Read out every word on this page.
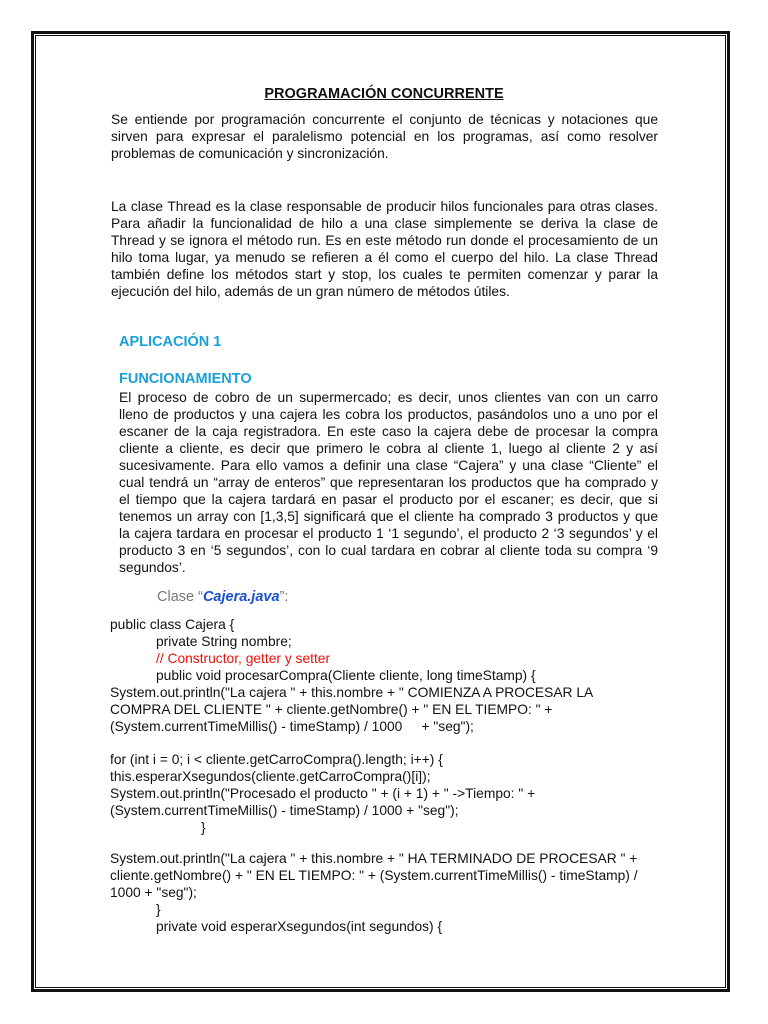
PROGRAMACIÓN CONCURRENTE
Se entiende por programación concurrente el conjunto de técnicas y notaciones que
sirven para expresar el paralelismo potencial en los programas, así como resolver
problemas de comunicación y sincronización.
La clase Thread es la clase responsable de producir hilos funcionales para otras clases.
Para añadir la funcionalidad de hilo a una clase simplemente se deriva la clase de
Thread y se ignora el método run. Es en este método run donde el procesamiento de un
hilo toma lugar, ya menudo se refieren a él como el cuerpo del hilo. La clase Thread
también define los métodos start y stop, los cuales te permiten comenzar y parar la
ejecución del hilo, además de un gran número de métodos útiles.
APLICACIÓN 1
FUNCIONAMIENTO
El proceso de cobro de un supermercado; es decir, unos clientes van con un carro
lleno de productos y una cajera les cobra los productos, pasándolos uno a uno por el
escaner de la caja registradora. En este caso la cajera debe de procesar la compra
cliente a cliente, es decir que primero le cobra al cliente 1, luego al cliente 2 y así
sucesivamente. Para ello vamos a definir una clase “Cajera” y una clase “Cliente” el
cual tendrá un “array de enteros” que representaran los productos que ha comprado y
el tiempo que la cajera tardará en pasar el producto por el escaner; es decir, que si
tenemos un array con [1,3,5] significará que el cliente ha comprado 3 productos y que
la cajera tardara en procesar el producto 1 ‘1 segundo’, el producto 2 ‘3 segundos’ y el
producto 3 en ‘5 segundos’, con lo cual tardara en cobrar al cliente toda su compra ‘9
segundos’.
Clase “Cajera.java”:
public class Cajera {
private String nombre;
// Constructor, getter y setter
public void procesarCompra(Cliente cliente, long timeStamp) {
System.out.println("La cajera " + this.nombre + " COMIENZA A PROCESAR LA
COMPRA DEL CLIENTE " + cliente.getNombre() + " EN EL TIEMPO: " +
(System.currentTimeMillis() - timeStamp) / 1000     + "seg");
for (int i = 0; i < cliente.getCarroCompra().length; i++) {
this.esperarXsegundos(cliente.getCarroCompra()[i]);
System.out.println("Procesado el producto " + (i + 1) + " ->Tiempo: " +
(System.currentTimeMillis() - timeStamp) / 1000 + "seg");
}
System.out.println("La cajera " + this.nombre + " HA TERMINADO DE PROCESAR " +
cliente.getNombre() + " EN EL TIEMPO: " + (System.currentTimeMillis() - timeStamp) /
1000 + "seg");
}
private void esperarXsegundos(int segundos) {
